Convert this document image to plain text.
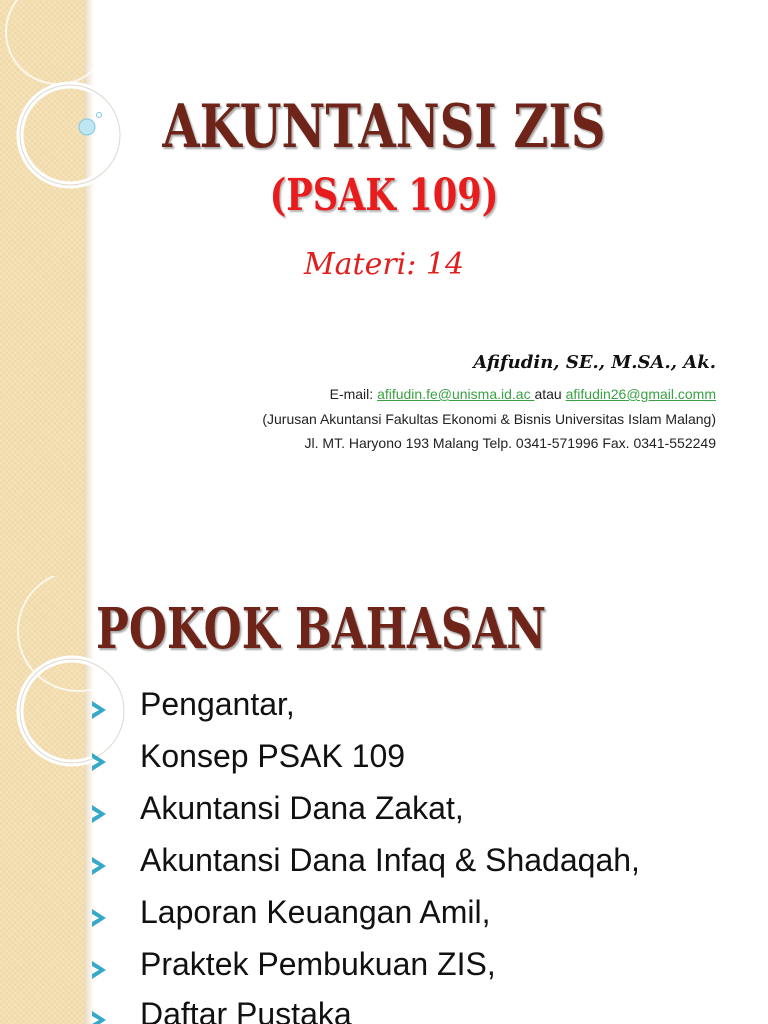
AKUNTANSI ZIS
(PSAK 109)

Materi: 14

Afifudin, SE., M.SA., Ak.
E-mail: afifudin.fe@unisma.id.ac atau afifudin26@gmail.comm
(Jurusan Akuntansi Fakultas Ekonomi & Bisnis Universitas Islam Malang)
Jl. MT. Haryono 193 Malang Telp. 0341-571996 Fax. 0341-552249
POKOK BAHASAN
Pengantar,
Konsep PSAK 109
Akuntansi Dana Zakat,
Akuntansi Dana Infaq & Shadaqah,
Laporan Keuangan Amil,
Praktek Pembukuan ZIS,
Daftar Pustaka
